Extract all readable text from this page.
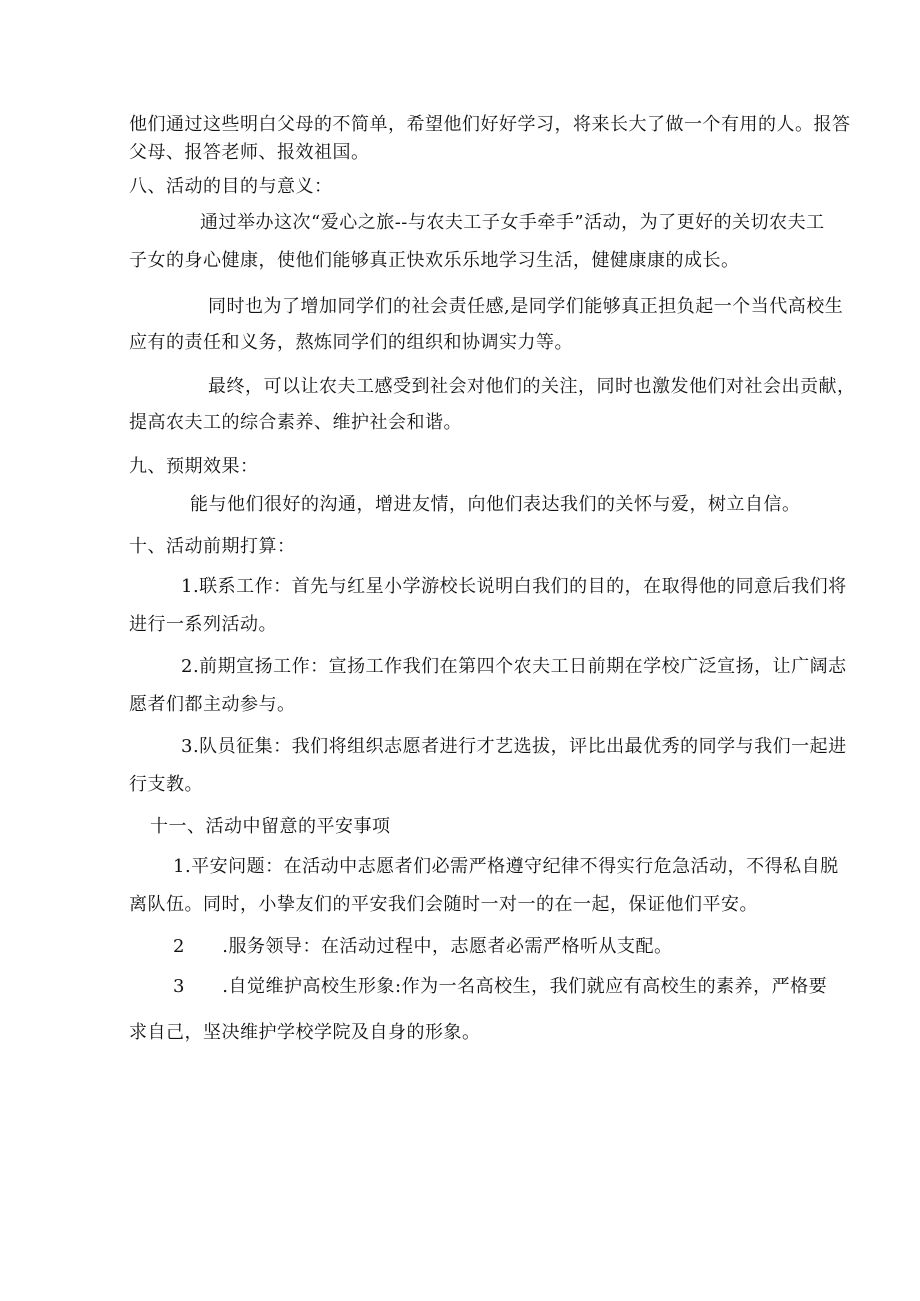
他们通过这些明白父母的不简单，希望他们好好学习，将来长大了做一个有用的人。报答
父母、报答老师、报效祖国。
八、活动的目的与意义：
通过举办这次“爱心之旅--与农夫工子女手牵手”活动，为了更好的关切农夫工
子女的身心健康，使他们能够真正快欢乐乐地学习生活，健健康康的成长。
同时也为了增加同学们的社会责任感,是同学们能够真正担负起一个当代高校生
应有的责任和义务，熬炼同学们的组织和协调实力等。
最终，可以让农夫工感受到社会对他们的关注，同时也激发他们对社会出贡献，
提高农夫工的综合素养、维护社会和谐。
九、预期效果：
能与他们很好的沟通，增进友情，向他们表达我们的关怀与爱，树立自信。
十、活动前期打算：
1.联系工作：首先与红星小学游校长说明白我们的目的，在取得他的同意后我们将
进行一系列活动。
2.前期宣扬工作：宣扬工作我们在第四个农夫工日前期在学校广泛宣扬，让广阔志
愿者们都主动参与。
3.队员征集：我们将组织志愿者进行才艺选拔，评比出最优秀的同学与我们一起进
行支教。
十一、活动中留意的平安事项
1.平安问题：在活动中志愿者们必需严格遵守纪律不得实行危急活动，不得私自脱
离队伍。同时，小挚友们的平安我们会随时一对一的在一起，保证他们平安。
2      .服务领导：在活动过程中，志愿者必需严格听从支配。
3      .自觉维护高校生形象:作为一名高校生，我们就应有高校生的素养，严格要
求自己，坚决维护学校学院及自身的形象。
